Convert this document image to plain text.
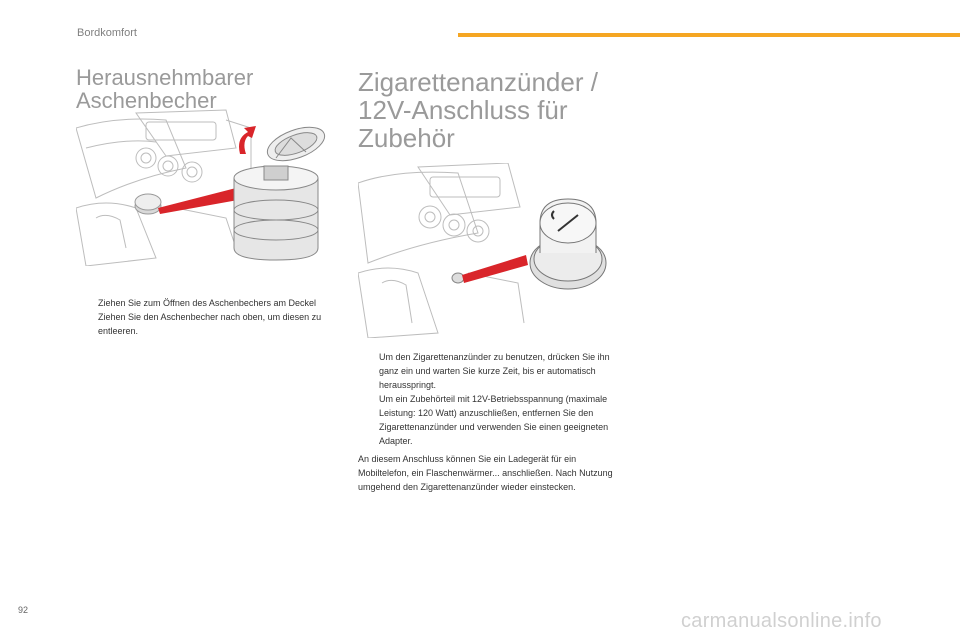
Bordkomfort
Herausnehmbarer
Aschenbecher
Ziehen Sie zum Öffnen des Aschenbechers am Deckel
Ziehen Sie den Aschenbecher nach oben, um diesen zu entleeren.
Zigarettenanzünder /
12V-Anschluss für
Zubehör
Um den Zigarettenanzünder zu benutzen, drücken Sie ihn ganz ein und warten Sie kurze Zeit, bis er automatisch herausspringt.
Um ein Zubehörteil mit 12V-Betriebsspannung (maximale Leistung: 120 Watt) anzuschließen, entfernen Sie den Zigarettenanzünder und verwenden Sie einen geeigneten Adapter.

An diesem Anschluss können Sie ein Ladegerät für ein Mobiltelefon, ein Flaschenwärmer... anschließen. Nach Nutzung umgehend den Zigarettenanzünder wieder einstecken.

92	carmanualsonline.info
